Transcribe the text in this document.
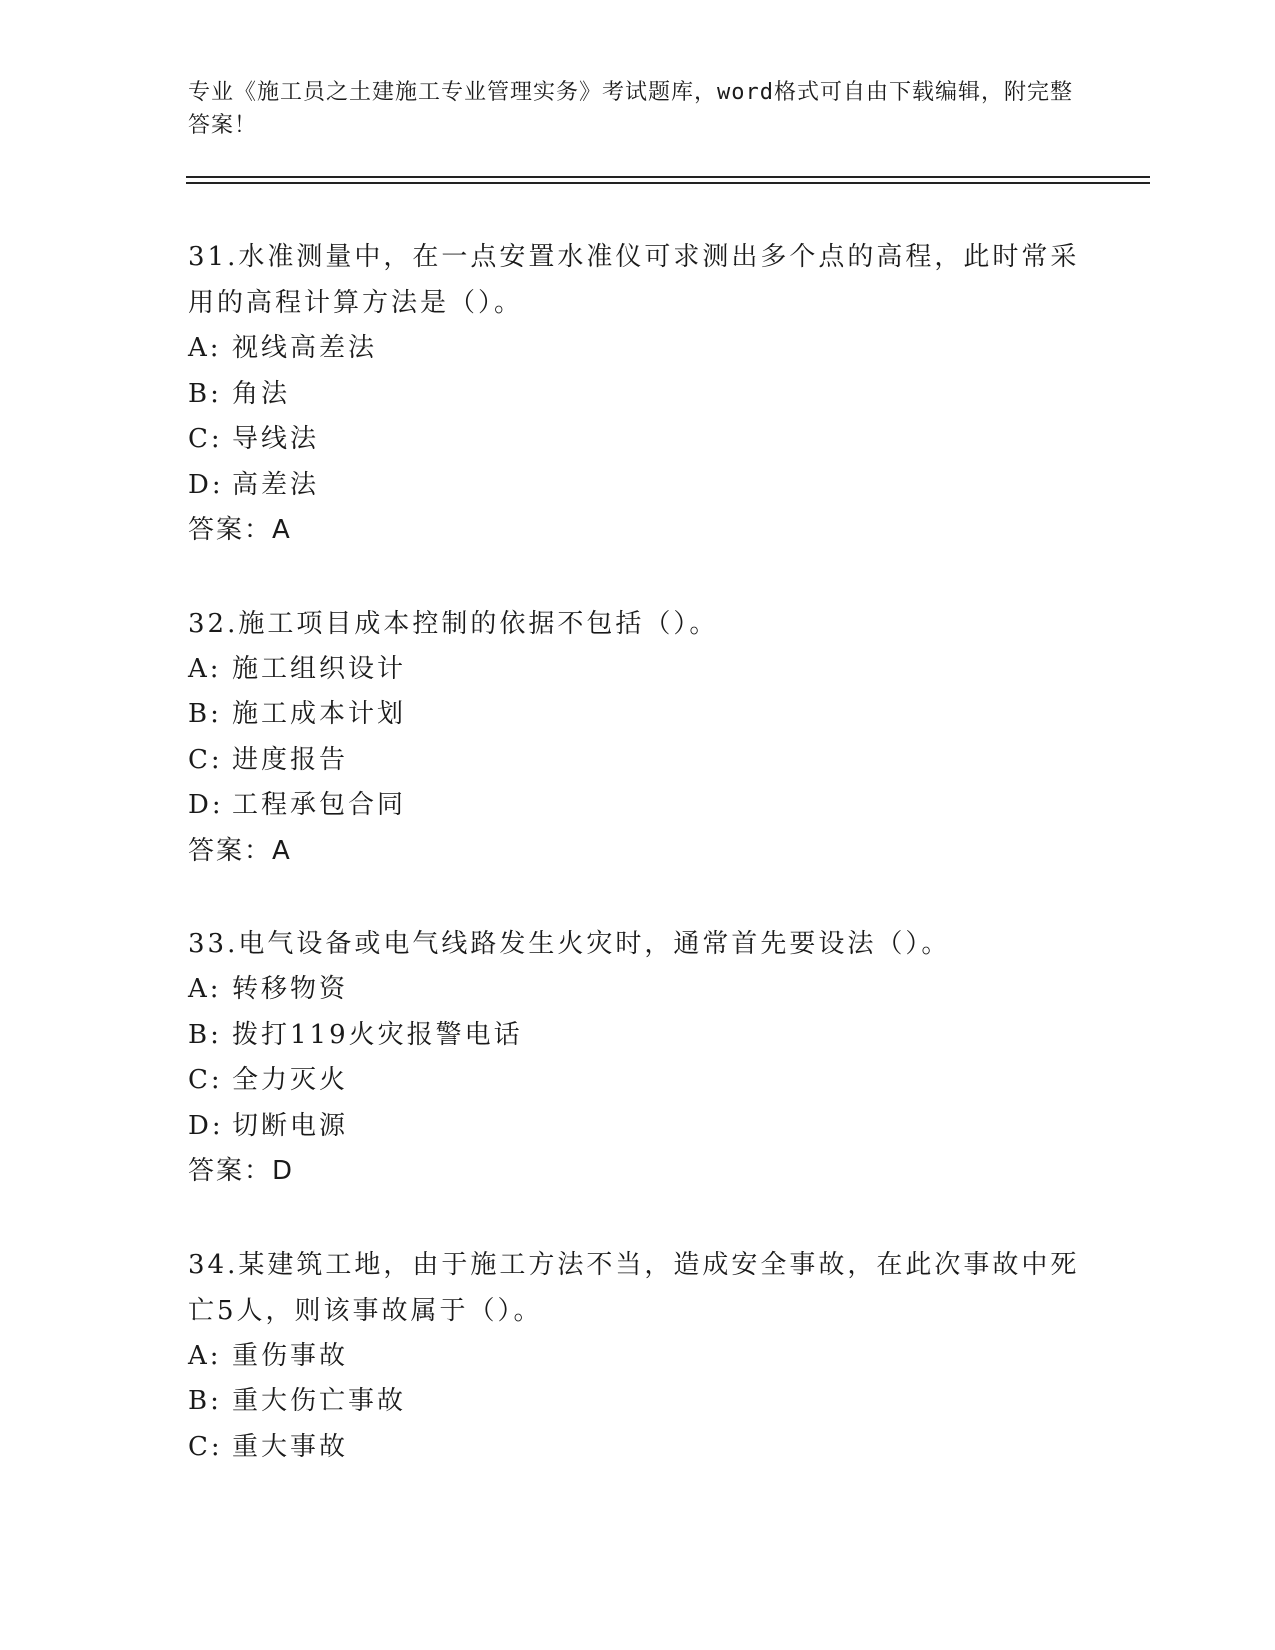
专业《施工员之土建施工专业管理实务》考试题库，word格式可自由下载编辑，附完整答案！

31.水准测量中，在一点安置水准仪可求测出多个点的高程，此时常采用的高程计算方法是（）。

A: 视线高差法

B: 角法

C: 导线法

D: 高差法

答案：A

32.施工项目成本控制的依据不包括（）。

A: 施工组织设计

B: 施工成本计划

C: 进度报告

D: 工程承包合同

答案：A

33.电气设备或电气线路发生火灾时，通常首先要设法（）。

A: 转移物资

B: 拨打119火灾报警电话

C: 全力灭火

D: 切断电源

答案：D

34.某建筑工地，由于施工方法不当，造成安全事故，在此次事故中死亡5人，则该事故属于（）。

A: 重伤事故

B: 重大伤亡事故

C: 重大事故
